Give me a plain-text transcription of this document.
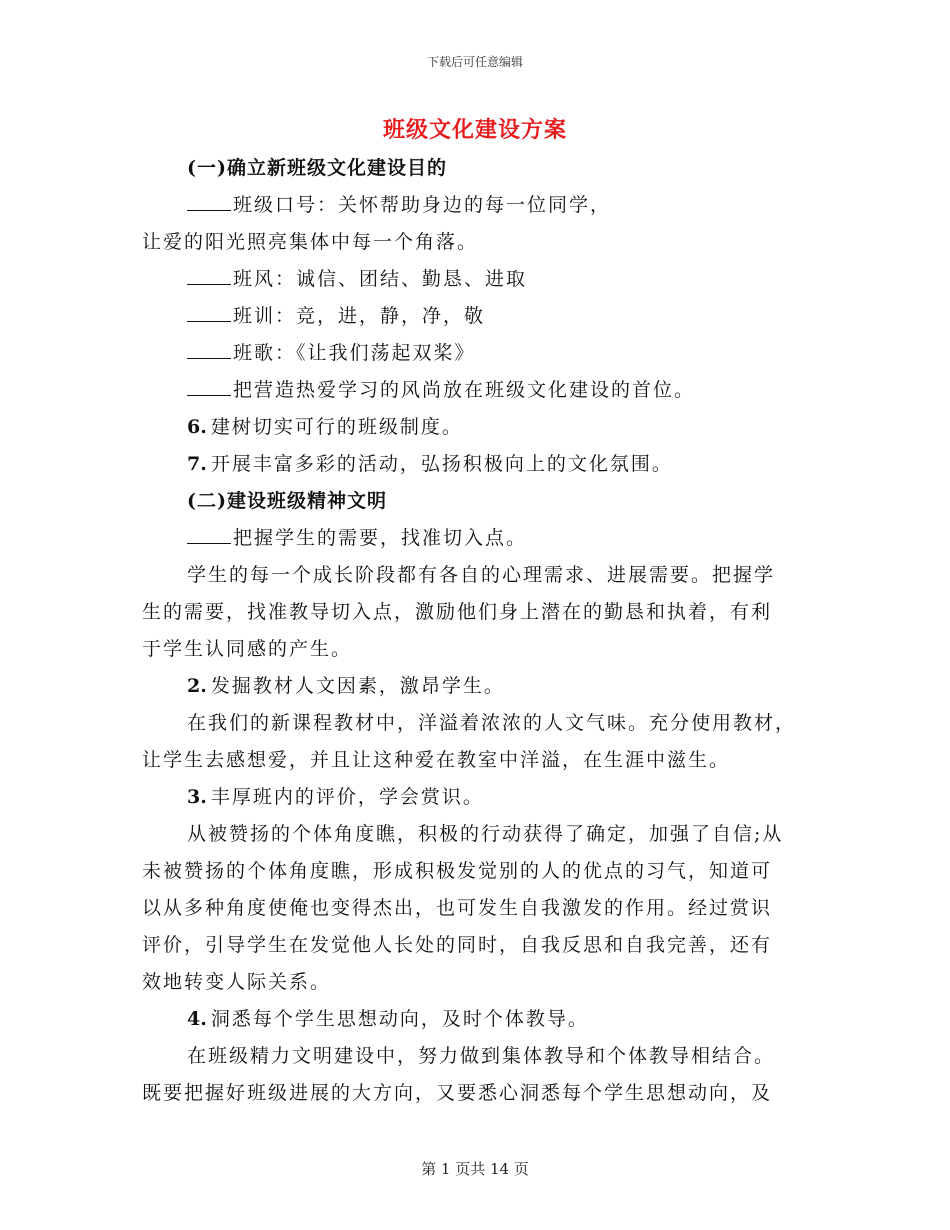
下载后可任意编辑
班级文化建设方案
(一)确立新班级文化建设目的
班级口号：关怀帮助身边的每一位同学，
让爱的阳光照亮集体中每一个角落。
班风：诚信、团结、勤恳、进取
班训：竞，进，静，净，敬
班歌：《让我们荡起双桨》
把营造热爱学习的风尚放在班级文化建设的首位。
6. 建树切实可行的班级制度。
7. 开展丰富多彩的活动，弘扬积极向上的文化氛围。
(二)建设班级精神文明
把握学生的需要，找准切入点。
学生的每一个成长阶段都有各自的心理需求、进展需要。把握学
生的需要，找准教导切入点，激励他们身上潜在的勤恳和执着，有利
于学生认同感的产生。
2. 发掘教材人文因素，激昂学生。
在我们的新课程教材中，洋溢着浓浓的人文气味。充分使用教材，
让学生去感想爱，并且让这种爱在教室中洋溢，在生涯中滋生。
3. 丰厚班内的评价，学会赏识。
从被赞扬的个体角度瞧，积极的行动获得了确定，加强了自信;从
未被赞扬的个体角度瞧，形成积极发觉别的人的优点的习气，知道可
以从多种角度使俺也变得杰出，也可发生自我激发的作用。经过赏识
评价，引导学生在发觉他人长处的同时，自我反思和自我完善，还有
效地转变人际关系。
4. 洞悉每个学生思想动向，及时个体教导。
在班级精力文明建设中，努力做到集体教导和个体教导相结合。
既要把握好班级进展的大方向，又要悉心洞悉每个学生思想动向，及
第 1 页共 14 页
